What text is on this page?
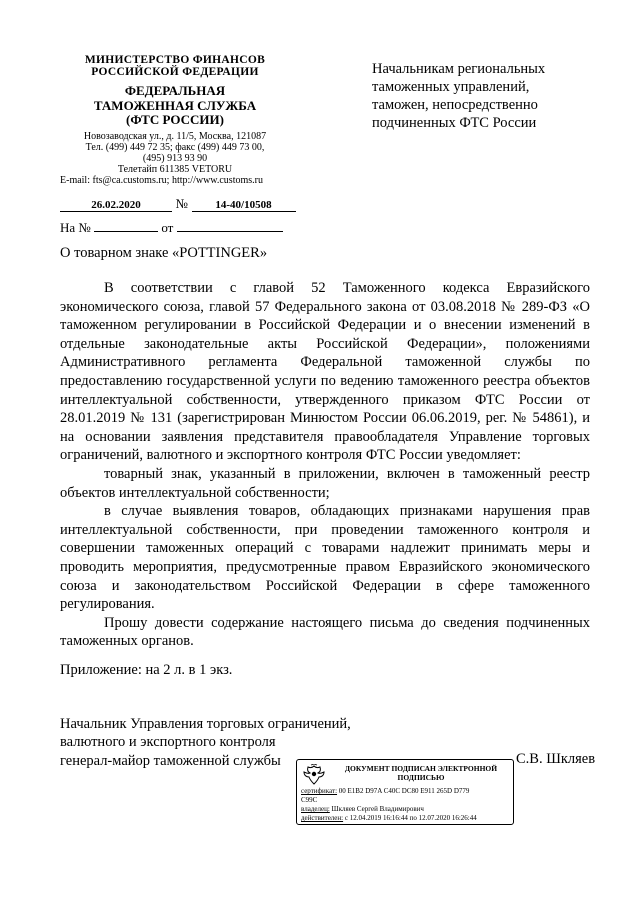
МИНИСТЕРСТВО ФИНАНСОВ
РОССИЙСКОЙ ФЕДЕРАЦИИ
ФЕДЕРАЛЬНАЯ
ТАМОЖЕННАЯ СЛУЖБА
(ФТС РОССИИ)
Новозаводская ул., д. 11/5, Москва, 121087
Тел. (499) 449 72 35; факс (499) 449 73 00,
(495) 913 93 90
Телетайп 611385 VETORU
E-mail: fts@ca.customs.ru; http://www.customs.ru
26.02.2020	№ 14-40/10508
На №	от
Начальникам региональных
таможенных управлений,
таможен, непосредственно
подчиненных ФТС России
О товарном знаке «POTTINGER»

В соответствии с главой 52 Таможенного кодекса Евразийского экономического союза, главой 57 Федерального закона от 03.08.2018 № 289-ФЗ «О таможенном регулировании в Российской Федерации и о внесении изменений в отдельные законодательные акты Российской Федерации», положениями Административного регламента Федеральной таможенной службы по предоставлению государственной услуги по ведению таможенного реестра объектов интеллектуальной собственности, утвержденного приказом ФТС России от 28.01.2019 № 131 (зарегистрирован Минюстом России 06.06.2019, рег. № 54861), и на основании заявления представителя правообладателя Управление торговых ограничений, валютного и экспортного контроля ФТС России уведомляет:

товарный знак, указанный в приложении, включен в таможенный реестр объектов интеллектуальной собственности;

в случае выявления товаров, обладающих признаками нарушения прав интеллектуальной собственности, при проведении таможенного контроля и совершении таможенных операций с товарами надлежит принимать меры и проводить мероприятия, предусмотренные правом Евразийского экономического союза и законодательством Российской Федерации в сфере таможенного регулирования.

Прошу довести содержание настоящего письма до сведения подчиненных таможенных органов.

Приложение: на 2 л. в 1 экз.
Начальник Управления торговых ограничений,
валютного и экспортного контроля
генерал-майор таможенной службы	С.В. Шкляев
ДОКУМЕНТ ПОДПИСАН ЭЛЕКТРОННОЙ
ПОДПИСЬЮ
сертификат: 00 E1B2 D97A C40C DC80 E911 265D D779
C99C
владелец: Шкляев Сергей Владимирович
действителен: с 12.04.2019 16:16:44 по 12.07.2020 16:26:44
